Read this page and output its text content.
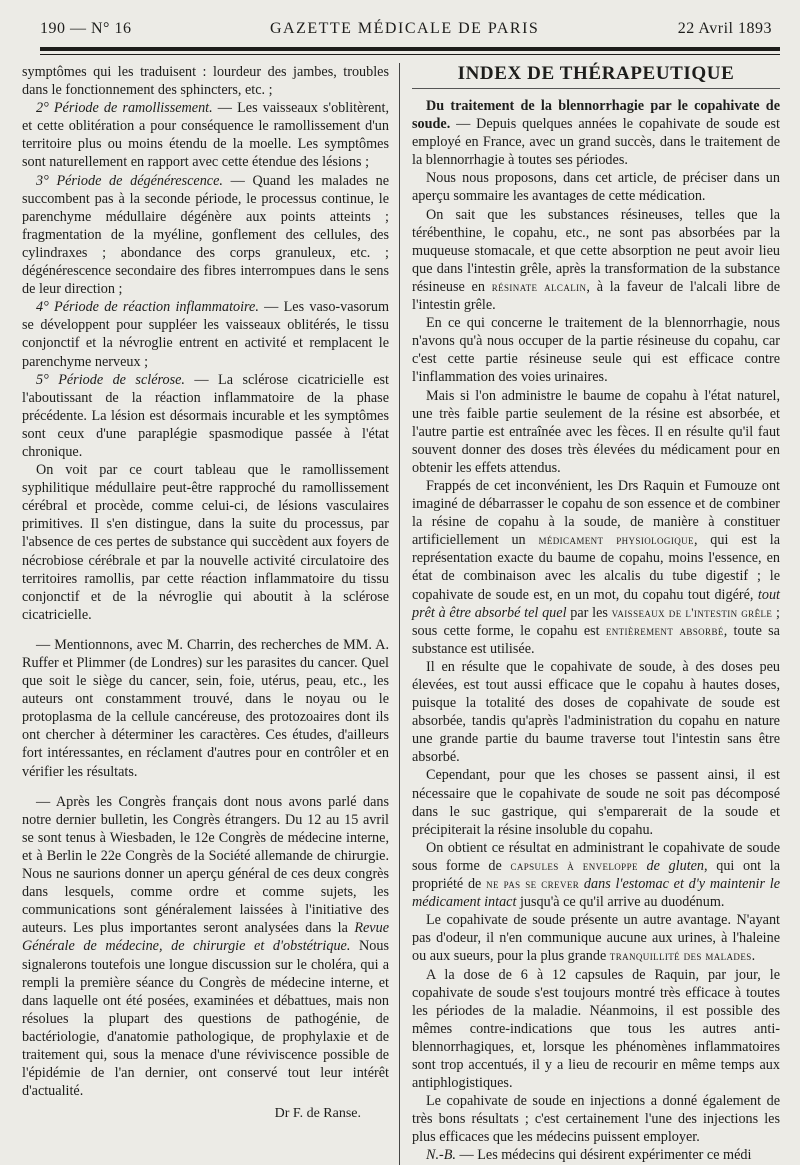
190 — N° 16	GAZETTE MÉDICALE DE PARIS	22 Avril 1893

symptômes qui les traduisent : lourdeur des jambes, troubles dans le fonctionnement des sphincters, etc. ;

2° Période de ramollissement. — Les vaisseaux s'oblitèrent, et cette oblitération a pour conséquence le ramollissement d'un territoire plus ou moins étendu de la moelle. Les symptômes sont naturellement en rapport avec cette étendue des lésions ;

3° Période de dégénérescence. — Quand les malades ne succombent pas à la seconde période, le processus continue, le parenchyme médullaire dégénère aux points atteints ; fragmentation de la myéline, gonflement des cellules, des cylindraxes ; abondance des corps granuleux, etc. ; dégénérescence secondaire des fibres interrompues dans le sens de leur direction ;

4° Période de réaction inflammatoire. — Les vaso-vasorum se développent pour suppléer les vaisseaux oblitérés, le tissu conjonctif et la névroglie entrent en activité et remplacent le parenchyme nerveux ;

5° Période de sclérose. — La sclérose cicatricielle est l'aboutissant de la réaction inflammatoire de la phase précédente. La lésion est désormais incurable et les symptômes sont ceux d'une paraplégie spasmodique passée à l'état chronique.

On voit par ce court tableau que le ramollissement syphilitique médullaire peut-être rapproché du ramollissement cérébral et procède, comme celui-ci, de lésions vasculaires primitives. Il s'en distingue, dans la suite du processus, par l'absence de ces pertes de substance qui succèdent aux foyers de nécrobiose cérébrale et par la nouvelle activité circulatoire des territoires ramollis, par cette réaction inflammatoire du tissu conjonctif et de la névroglie qui aboutit à la sclérose cicatricielle.

— Mentionnons, avec M. Charrin, des recherches de MM. A. Ruffer et Plimmer (de Londres) sur les parasites du cancer. Quel que soit le siège du cancer, sein, foie, utérus, peau, etc., les auteurs ont constamment trouvé, dans le noyau ou le protoplasma de la cellule cancéreuse, des protozoaires dont ils ont chercher à déterminer les caractères. Ces études, d'ailleurs fort intéressantes, en réclament d'autres pour en contrôler et en vérifier les résultats.

— Après les Congrès français dont nous avons parlé dans notre dernier bulletin, les Congrès étrangers. Du 12 au 15 avril se sont tenus à Wiesbaden, le 12e Congrès de médecine interne, et à Berlin le 22e Congrès de la Société allemande de chirurgie. Nous ne saurions donner un aperçu général de ces deux congrès dans lesquels, comme ordre et comme sujets, les communications sont généralement laissées à l'initiative des auteurs. Les plus importantes seront analysées dans la Revue Générale de médecine, de chirurgie et d'obstétrique. Nous signalerons toutefois une longue discussion sur le choléra, qui a rempli la première séance du Congrès de médecine interne, et dans laquelle ont été posées, examinées et débattues, mais non résolues la plupart des questions de pathogénie, de bactériologie, d'anatomie pathologique, de prophylaxie et de traitement qui, sous la menace d'une réviviscence possible de l'épidémie de l'an dernier, ont conservé tout leur intérêt d'actualité.

Dr F. de Ranse.
INDEX DE THÉRAPEUTIQUE

Du traitement de la blennorrhagie par le copahivate de soude. — Depuis quelques années le copahivate de soude est employé en France, avec un grand succès, dans le traitement de la blennorrhagie à toutes ses périodes.

Nous nous proposons, dans cet article, de préciser dans un aperçu sommaire les avantages de cette médication.

On sait que les substances résineuses, telles que la térébenthine, le copahu, etc., ne sont pas absorbées par la muqueuse stomacale, et que cette absorption ne peut avoir lieu que dans l'intestin grêle, après la transformation de la substance résineuse en résinate alcalin, à la faveur de l'alcali libre de l'intestin grêle.

En ce qui concerne le traitement de la blennorrhagie, nous n'avons qu'à nous occuper de la partie résineuse du copahu, car c'est cette partie résineuse seule qui est efficace contre l'inflammation des voies urinaires.

Mais si l'on administre le baume de copahu à l'état naturel, une très faible partie seulement de la résine est absorbée, et l'autre partie est entraînée avec les fèces. Il en résulte qu'il faut souvent donner des doses très élevées du médicament pour en obtenir les effets attendus.

Frappés de cet inconvénient, les Drs Raquin et Fumouze ont imaginé de débarrasser le copahu de son essence et de combiner la résine de copahu à la soude, de manière à constituer artificiellement un médicament physiologique, qui est la représentation exacte du baume de copahu, moins l'essence, en état de combinaison avec les alcalis du tube digestif ; le copahivate de soude est, en un mot, du copahu tout digéré, tout prêt à être absorbé tel quel par les vaisseaux de l'intestin grêle ; sous cette forme, le copahu est entièrement absorbé, toute sa substance est utilisée.

Il en résulte que le copahivate de soude, à des doses peu élevées, est tout aussi efficace que le copahu à hautes doses, puisque la totalité des doses de copahivate de soude est absorbée, tandis qu'après l'administration du copahu en nature une grande partie du baume traverse tout l'intestin sans être absorbé.

Cependant, pour que les choses se passent ainsi, il est nécessaire que le copahivate de soude ne soit pas décomposé dans le suc gastrique, qui s'emparerait de la soude et précipiterait la résine insoluble du copahu.

On obtient ce résultat en administrant le copahivate de soude sous forme de capsules à enveloppe de gluten, qui ont la propriété de ne pas se crever dans l'estomac et d'y maintenir le médicament intact jusqu'à ce qu'il arrive au duodénum.

Le copahivate de soude présente un autre avantage. N'ayant pas d'odeur, il n'en communique aucune aux urines, à l'haleine ou aux sueurs, pour la plus grande tranquillité des malades.

A la dose de 6 à 12 capsules de Raquin, par jour, le copahivate de soude s'est toujours montré très efficace à toutes les périodes de la maladie. Néanmoins, il est possible des mêmes contre-indications que tous les autres anti-blennorrhagiques, et, lorsque les phénomènes inflammatoires sont trop accentués, il y a lieu de recourir en même temps aux antiphlogistiques.

Le copahivate de soude en injections a donné également de très bons résultats ; c'est certainement l'une des injections les plus efficaces que les médecins puissent employer.

N.-B. — Les médecins qui désirent expérimenter ce médi
